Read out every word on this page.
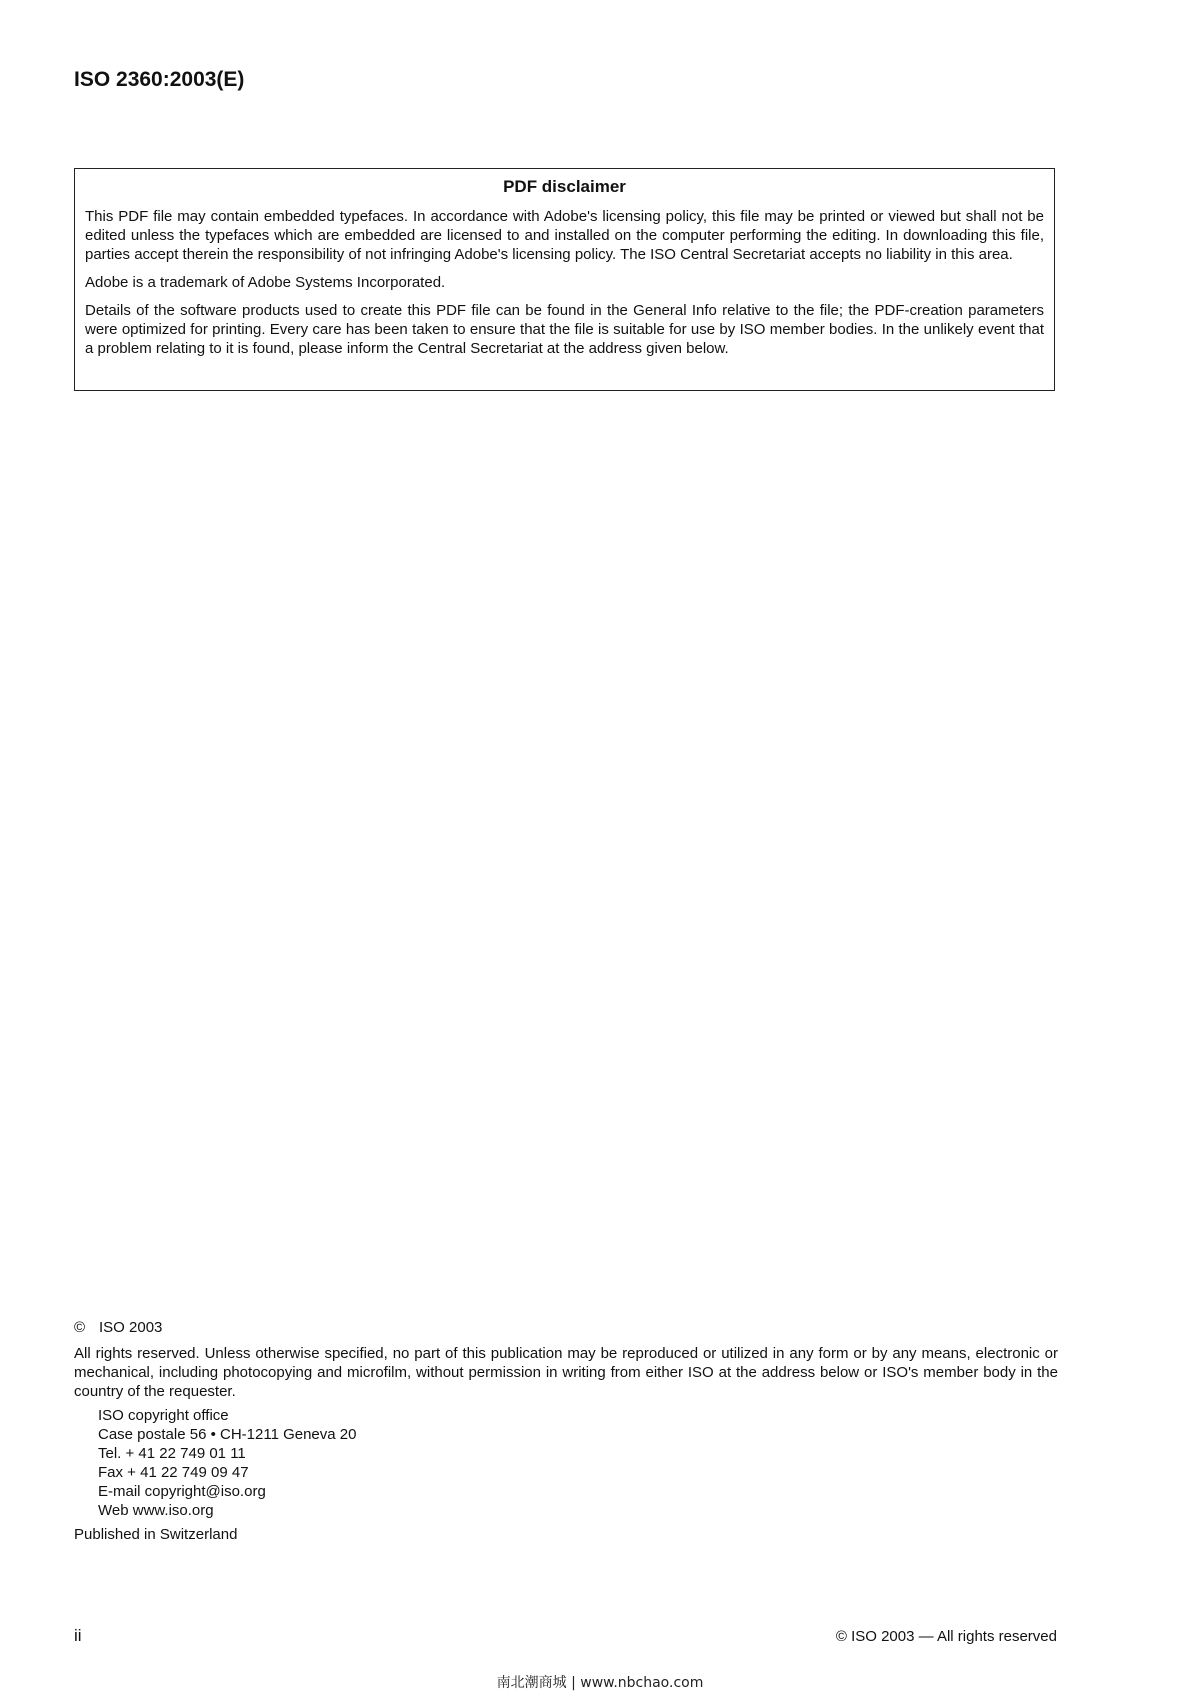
ISO 2360:2003(E)

PDF disclaimer

This PDF file may contain embedded typefaces. In accordance with Adobe's licensing policy, this file may be printed or viewed but shall not be edited unless the typefaces which are embedded are licensed to and installed on the computer performing the editing. In downloading this file, parties accept therein the responsibility of not infringing Adobe's licensing policy. The ISO Central Secretariat accepts no liability in this area.

Adobe is a trademark of Adobe Systems Incorporated.

Details of the software products used to create this PDF file can be found in the General Info relative to the file; the PDF-creation parameters were optimized for printing. Every care has been taken to ensure that the file is suitable for use by ISO member bodies. In the unlikely event that a problem relating to it is found, please inform the Central Secretariat at the address given below.

© ISO 2003

All rights reserved. Unless otherwise specified, no part of this publication may be reproduced or utilized in any form or by any means, electronic or mechanical, including photocopying and microfilm, without permission in writing from either ISO at the address below or ISO's member body in the country of the requester.

ISO copyright office
Case postale 56 • CH-1211 Geneva 20
Tel. + 41 22 749 01 11
Fax + 41 22 749 09 47
E-mail copyright@iso.org
Web www.iso.org

Published in Switzerland

ii	© ISO 2003 — All rights reserved
南北潮商城 | www.nbchao.com
